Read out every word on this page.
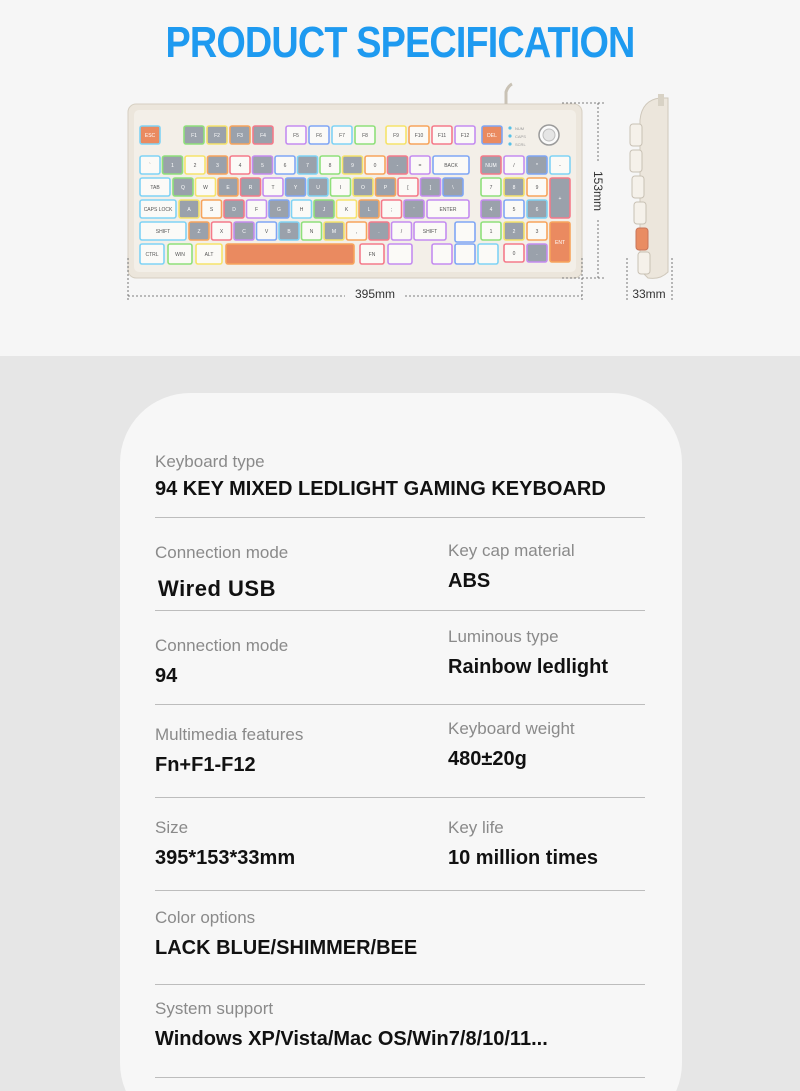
PRODUCT SPECIFICATION
ESC	F1	F2	F3	F4	F5	F6	F7	F8	F9	F10	F11	F12	DEL
`	1	2	3	4	5	6	7	8	9	0	-	=	BACK
TAB	Q	W	E	R	T	Y	U	I	O	P	[	]	\
CAPS LOCK	A	S	D	F	G	H	J	K	L	;	'	ENTER
SHIFT	Z	X	C	V	B	N	M	,	.	/	SHIFT
CTRL	WIN	ALT	FN
NUM	/	*	-
7	8	9
+
4	5	6
1	2	3
0	.
ENT
NUM
CAPS
SCRL
395mm
153mm
33mm
Keyboard type
94 KEY MIXED LEDLIGHT GAMING KEYBOARD
Connection mode
Wired USB
Key cap material
ABS
Connection mode
94
Luminous type
Rainbow ledlight
Multimedia features
Fn+F1-F12
Keyboard weight
480±20g
Size
395*153*33mm
Key life
10 million times
Color options
LACK BLUE/SHIMMER/BEE
System support
Windows XP/Vista/Mac OS/Win7/8/10/11...
